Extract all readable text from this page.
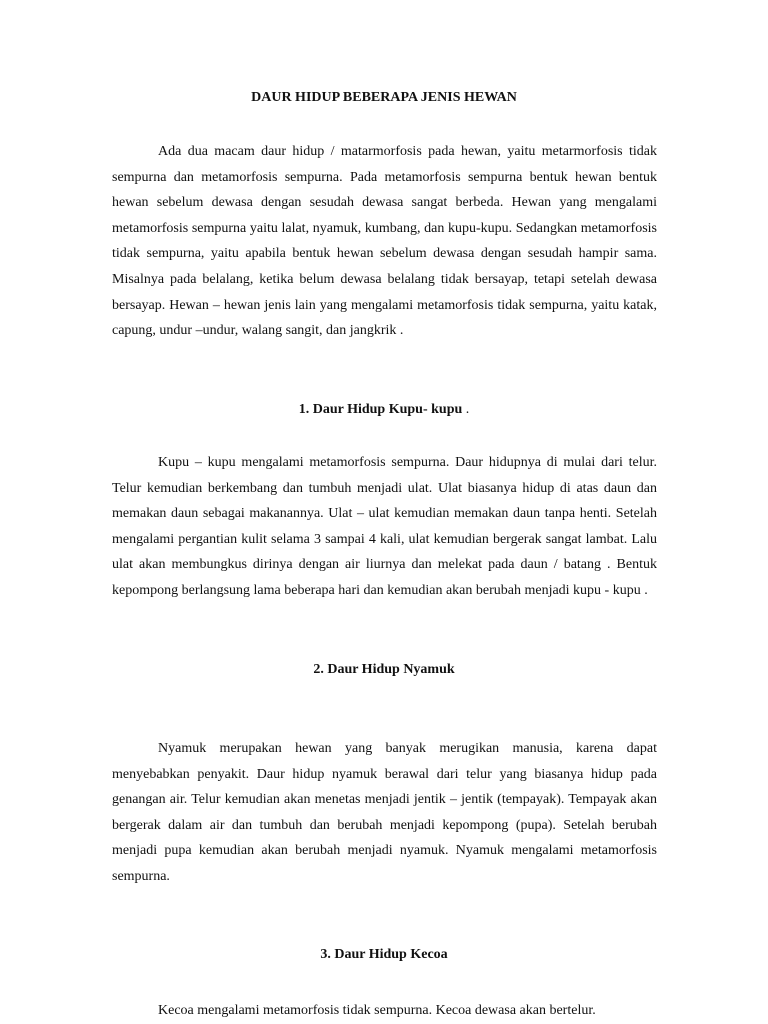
DAUR HIDUP BEBERAPA JENIS HEWAN

Ada dua macam daur hidup / matarmorfosis pada hewan, yaitu metarmorfosis tidak sempurna dan metamorfosis sempurna. Pada metamorfosis sempurna bentuk hewan bentuk hewan sebelum dewasa dengan sesudah dewasa sangat berbeda. Hewan yang mengalami metamorfosis sempurna yaitu lalat, nyamuk, kumbang, dan kupu-kupu. Sedangkan metamorfosis tidak sempurna, yaitu apabila bentuk hewan sebelum dewasa dengan sesudah hampir sama. Misalnya pada belalang, ketika belum dewasa belalang tidak bersayap, tetapi setelah dewasa bersayap. Hewan – hewan jenis lain yang mengalami metamorfosis tidak sempurna, yaitu katak, capung, undur –undur, walang sangit, dan jangkrik .

1. Daur Hidup Kupu- kupu .

Kupu – kupu mengalami metamorfosis sempurna. Daur hidupnya di mulai dari telur. Telur kemudian berkembang dan tumbuh menjadi ulat. Ulat biasanya hidup di atas daun dan memakan daun sebagai makanannya. Ulat – ulat kemudian memakan daun tanpa henti. Setelah mengalami pergantian kulit selama 3 sampai 4 kali, ulat kemudian bergerak sangat lambat. Lalu ulat akan membungkus dirinya dengan air liurnya dan melekat pada daun / batang . Bentuk kepompong berlangsung lama beberapa hari dan kemudian akan berubah menjadi kupu - kupu .

2. Daur Hidup Nyamuk

Nyamuk merupakan hewan yang banyak merugikan manusia, karena dapat menyebabkan penyakit. Daur hidup nyamuk berawal dari telur yang biasanya hidup pada genangan air. Telur kemudian akan menetas menjadi jentik – jentik (tempayak). Tempayak akan bergerak dalam air dan tumbuh dan berubah menjadi kepompong (pupa). Setelah berubah menjadi pupa kemudian akan berubah menjadi nyamuk. Nyamuk mengalami metamorfosis sempurna.

3. Daur Hidup Kecoa

Kecoa mengalami metamorfosis tidak sempurna. Kecoa dewasa akan bertelur.
